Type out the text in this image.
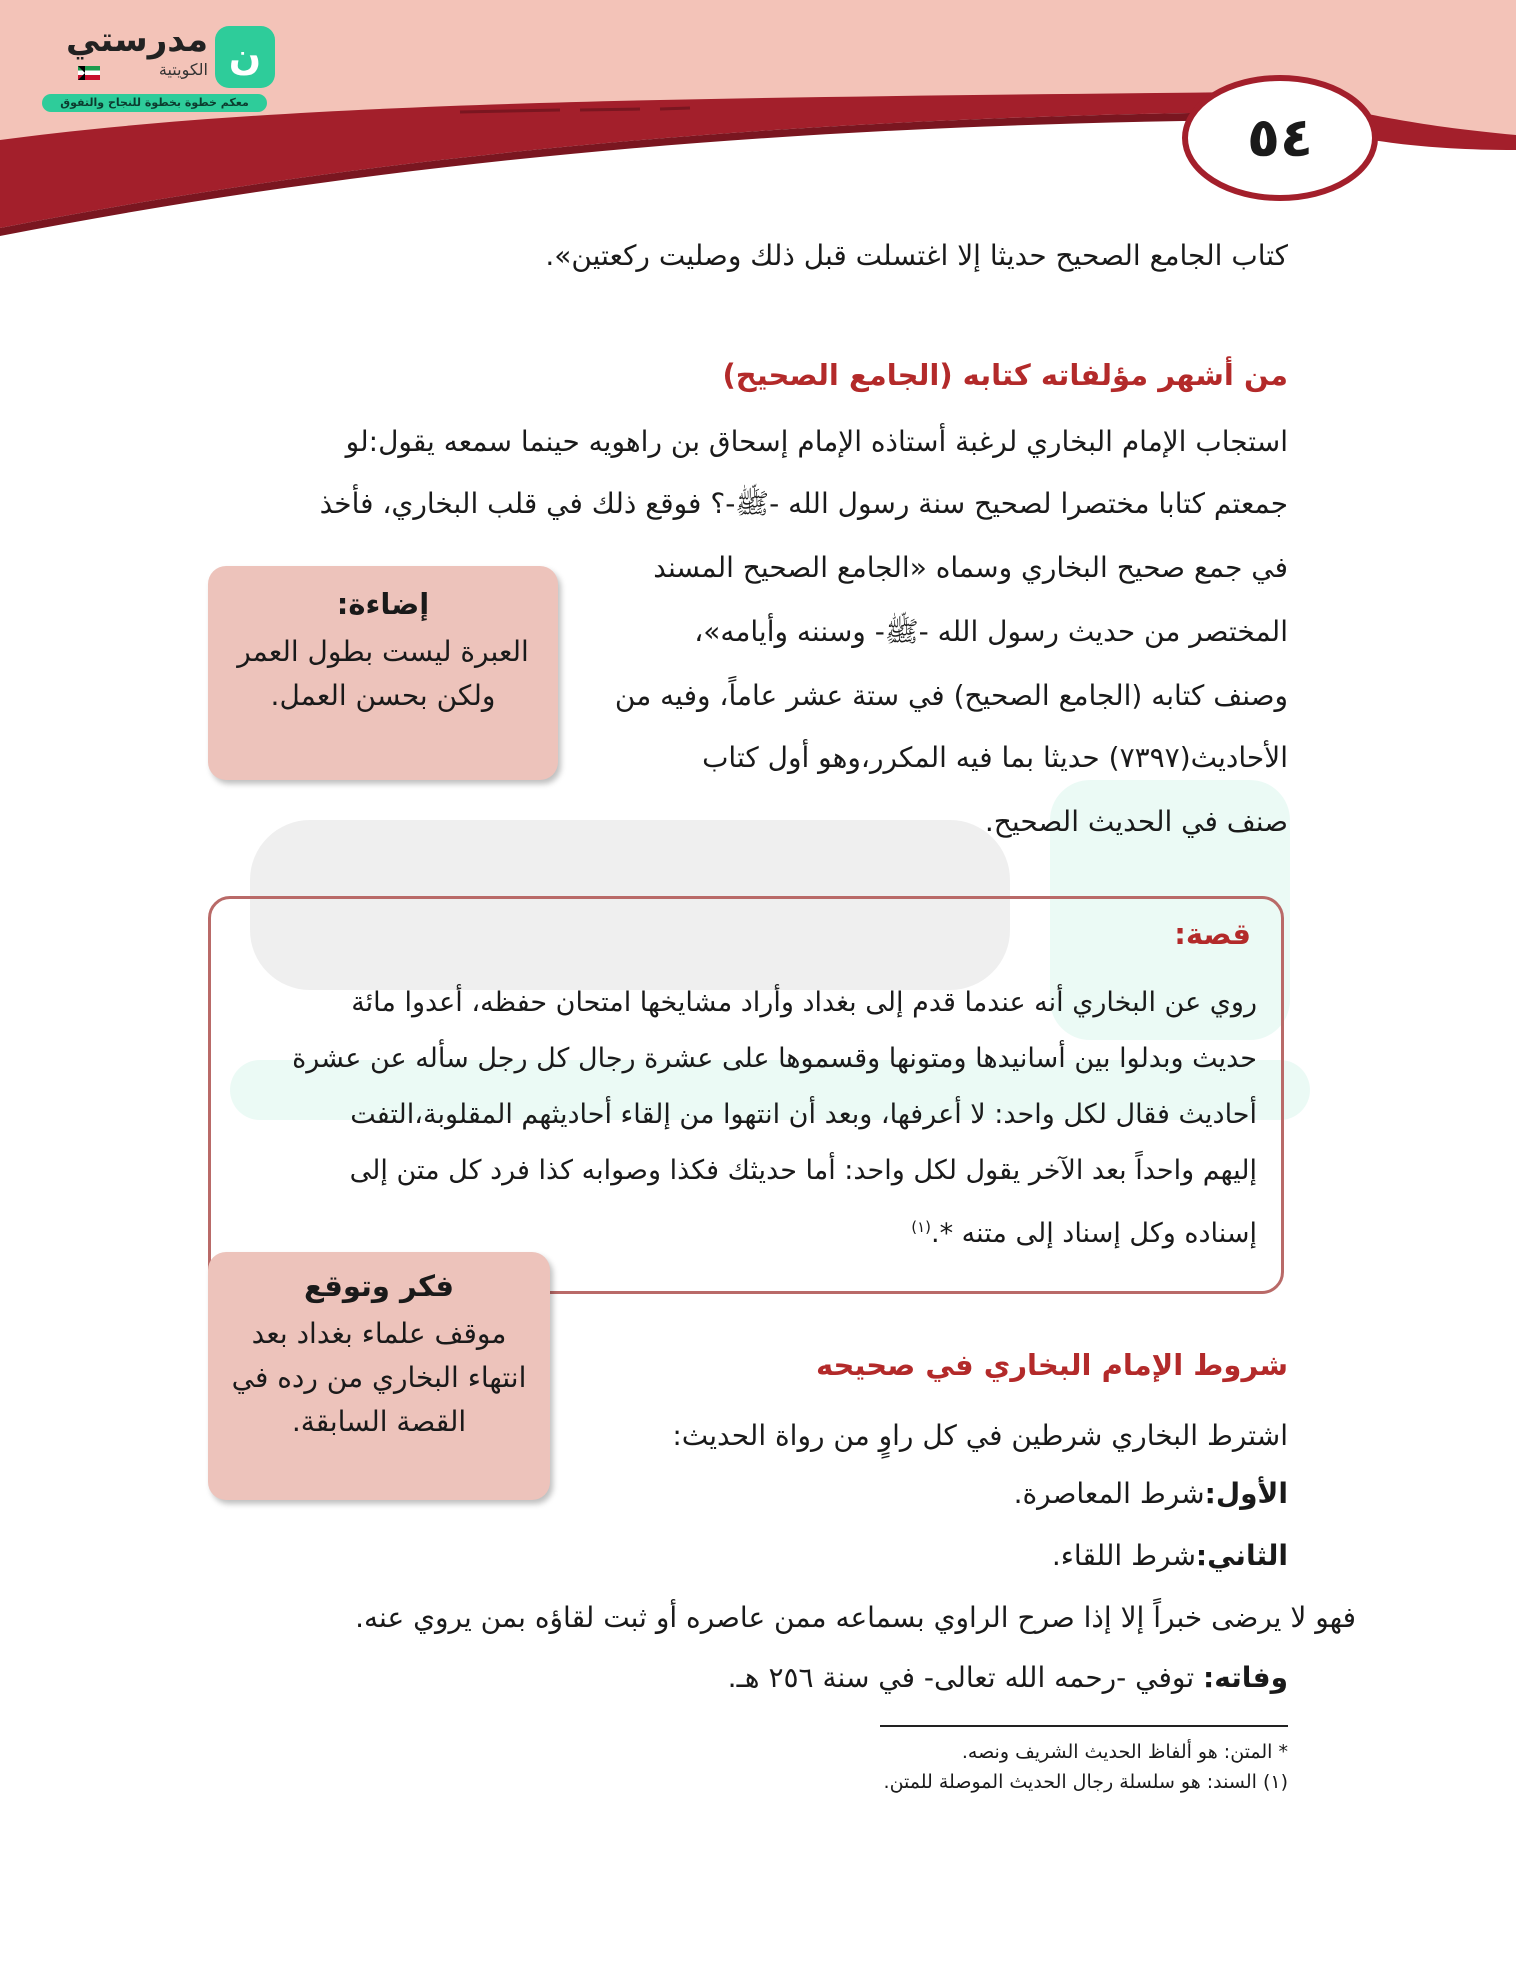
ن
مدرستي
الكويتية
معكم خطوة بخطوة للنجاح والتفوق
٥٤
كتاب الجامع الصحيح حديثا إلا اغتسلت قبل ذلك وصليت ركعتين».
من أشهر مؤلفاته كتابه (الجامع الصحيح)
استجاب الإمام البخاري لرغبة أستاذه الإمام إسحاق بن راهويه حينما سمعه يقول:لو
جمعتم كتابا مختصرا لصحيح سنة رسول الله -ﷺ-؟ فوقع ذلك في قلب البخاري، فأخذ
في جمع صحيح البخاري وسماه «الجامع الصحيح المسند
المختصر من حديث رسول الله -ﷺ- وسننه وأيامه»،
وصنف كتابه (الجامع الصحيح) في ستة عشر عاماً، وفيه من
الأحاديث(٧٣٩٧) حديثا بما فيه المكرر،وهو أول كتاب
صنف في الحديث الصحيح.
إضاءة:
العبرة ليست بطول العمر
ولكن بحسن العمل.
قصة:
روي عن البخاري أنه عندما قدم إلى بغداد وأراد مشايخها امتحان حفظه، أعدوا مائة
حديث وبدلوا بين أسانيدها ومتونها وقسموها على عشرة رجال كل رجل سأله عن عشرة
أحاديث فقال لكل واحد: لا أعرفها، وبعد أن انتهوا من إلقاء أحاديثهم المقلوبة،التفت
إليهم واحداً بعد الآخر يقول لكل واحد: أما حديثك فكذا وصوابه كذا فرد كل متن إلى
إسناده وكل إسناد إلى متنه *.$^{(١)}$
فكر وتوقع
موقف علماء بغداد بعد
انتهاء البخاري من رده في
القصة السابقة.
شروط الإمام البخاري في صحيحه
اشترط البخاري شرطين في كل راوٍ من رواة الحديث:
الأول:شرط المعاصرة.
الثاني:شرط اللقاء.
فهو لا يرضى خبراً إلا إذا صرح الراوي بسماعه ممن عاصره أو ثبت لقاؤه بمن يروي عنه.
وفاته: توفي -رحمه الله تعالى- في سنة ٢٥٦ هـ.
* المتن: هو ألفاظ الحديث الشريف ونصه.
(١) السند: هو سلسلة رجال الحديث الموصلة للمتن.
